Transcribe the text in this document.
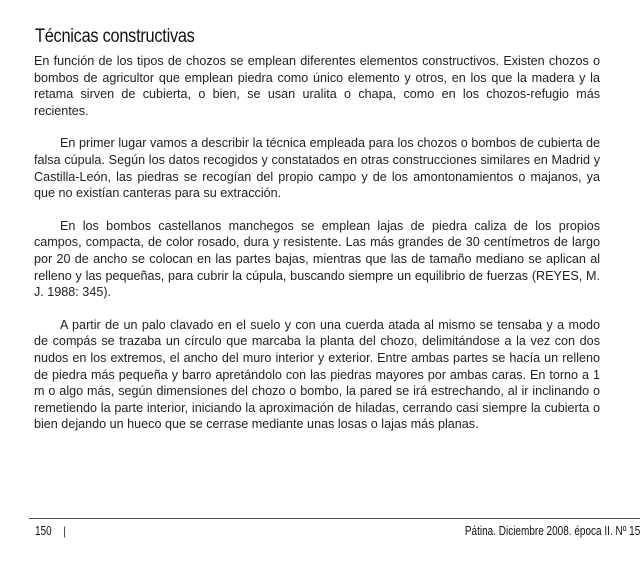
Técnicas constructivas

En función de los tipos de chozos se emplean diferentes elementos constructivos. Existen chozos o bombos de agricultor que emplean piedra como único elemento y otros, en los que la madera y la retama sirven de cubierta, o bien, se usan uralita o chapa, como en los chozos-refugio más recientes.

En primer lugar vamos a describir la técnica empleada para los chozos o bombos de cubierta de falsa cúpula. Según los datos recogidos y constatados en otras construcciones similares en Madrid y Castilla-León, las piedras se recogían del propio campo y de los amontonamientos o majanos, ya que no existían canteras para su extracción.

En los bombos castellanos manchegos se emplean lajas de piedra caliza de los propios campos, compacta, de color rosado, dura y resistente. Las más grandes de 30 centímetros de largo por 20 de ancho se colocan en las partes bajas, mientras que las de tamaño mediano se aplican al relleno y las pequeñas, para cubrir la cúpula, buscando siempre un equilibrio de fuerzas (REYES, M. J. 1988: 345).

A partir de un palo clavado en el suelo y con una cuerda atada al mismo se tensaba y a modo de compás se trazaba un círculo que marcaba la planta del chozo, delimitándose a la vez con dos nudos en los extremos, el ancho del muro interior y exterior. Entre ambas partes se hacía un relleno de piedra más pequeña y barro apretándolo con las piedras mayores por ambas caras. En torno a 1 m o algo más, según dimensiones del chozo o bombo, la pared se irá estrechando, al ir inclinando o remetiendo la parte interior, iniciando la aproximación de hiladas, cerrando casi siempre la cubierta o bien dejando un hueco que se cerrase mediante unas losas o lajas más planas.

150 |	Pátina. Diciembre 2008. época II. Nº 15
